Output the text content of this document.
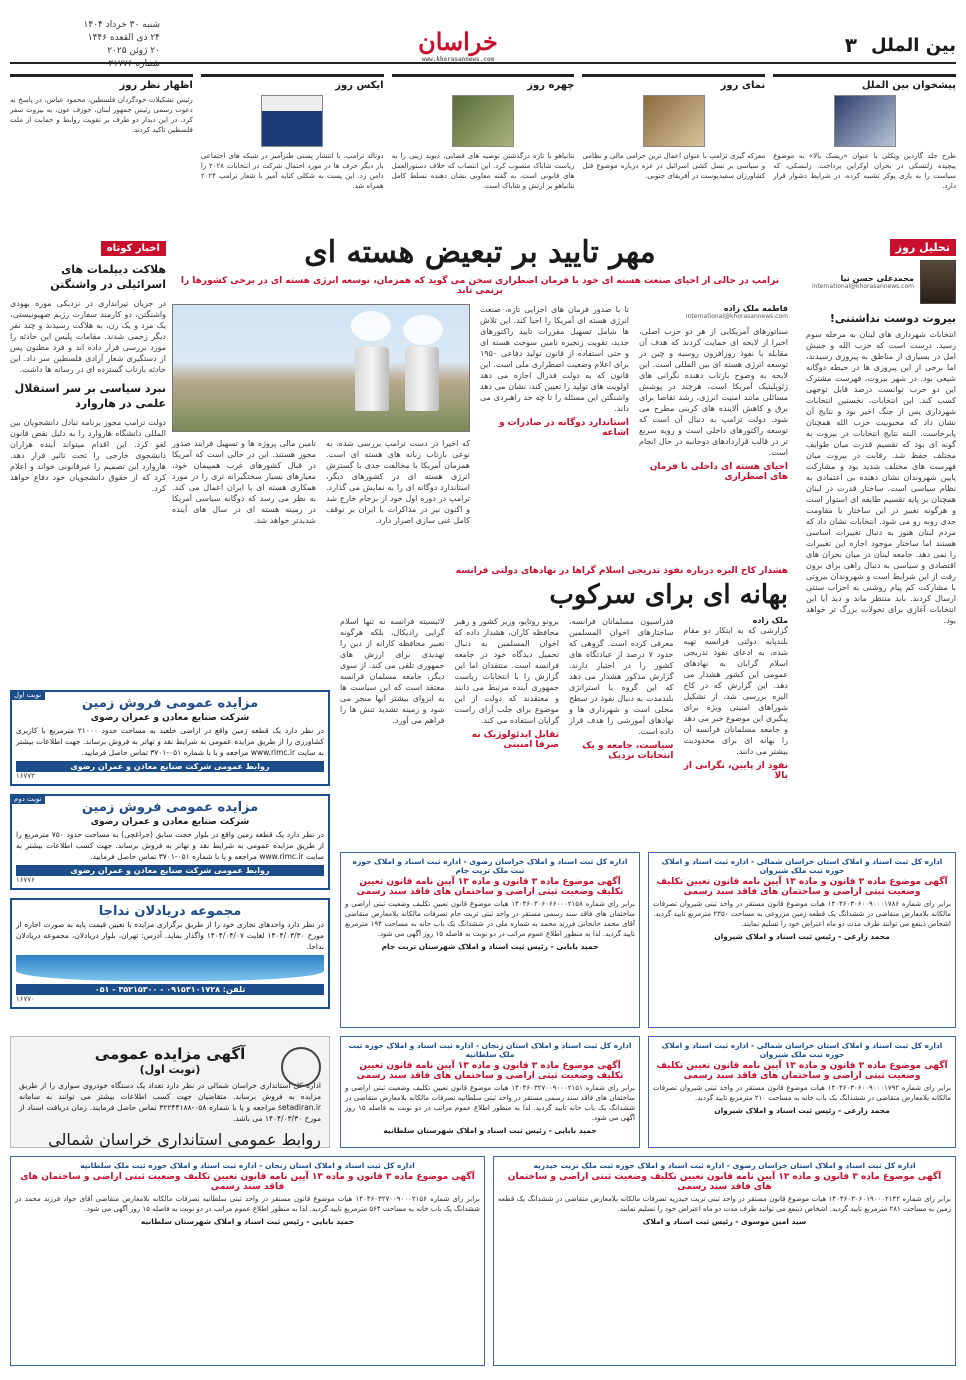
۳ بین الملل
خراسان
www.khorasannews.com
شنبه ۳۰ خرداد ۱۴۰۴
۲۴ ذی القعده ۱۴۴۶
۲۰ ژوئن ۲۰۲۵
شماره ۲۱۷۷۶
پیشخوان بین الملل
طرح جلد گاردین ویکلی با عنوان «ریسک بالا» به موضوع پیچیده زلنسکی در بحران اوکراین پرداخت. زلنسکی، که سیاست را به بازی پوکر تشبیه کرده، در شرایط دشوار قرار دارد.
نمای روز
معرکه گیری ترامپ با عنوان اعمال ترین حرامی مالی و نظامی و سیاسی بر نسل کشی اسرائیل در غزه درباره موضوع قتل کشاورزان سفیدپوست در آفریقای جنوبی.
چهره روز
نتانیاهو با تازه درگذشتن توصیه های قضایی، دیوید زینی را به ریاست شاباک منصوب کرد. این انتصاب که خلاف دستورالعمل های قانونی است، به گفته معاونی نشان دهنده تسلط کامل نتانیاهو بر ارتش و شاباک است.
ایکس روز
دونالد ترامپ، با انتشار پستی طنزآمیز در شبکه های اجتماعی بار دیگر حرف ها در مورد احتمال شرکت در انتخابات ۲۰۲۸ را دامن زد. این پست به شکلی کنایه آمیز با شعار ترامپ ۲۰۲۴ همراه شد.
اظهار نظر روز
رئیس تشکیلات خودگردان فلسطین، محمود عباس، در پاسخ به دعوت رسمی رئیس جمهور لبنان، جوزف عون، به بیروت سفر کرد. در این دیدار دو طرف بر تقویت روابط و حمایت از ملت فلسطین تاکید کردند.
تحلیل روز
محمدعلی حسن نیا
international@khorasannews.com
بیروت دوست نداشتنی!
انتخابات شهرداری های لبنان به مرحله سوم رسید. درست است که حزب الله و جنبش امل در بسیاری از مناطق به پیروزی رسیدند، اما برخی از این پیروزی ها در حیطه دوگانه شیعی بود. در شهر بیروت، فهرست مشترک این دو حزب توانست درصد قابل توجهی کسب کند. این انتخابات، نخستین انتخابات شهرداری پس از جنگ اخیر بود و نتایج آن نشان داد که محبوبیت حزب الله همچنان پابرجاست. البته نتایج انتخابات در بیروت به گونه ای بود که تقسیم قدرت میان طوایف مختلف حفظ شد. رقابت در بیروت میان فهرست های مختلف شدید بود و مشارکت پایین شهروندان نشان دهنده بی اعتمادی به نظام سیاسی است. ساختار قدرت در لبنان همچنان بر پایه تقسیم طایفه ای استوار است و هرگونه تغییر در این ساختار با مقاومت جدی روبه رو می شود. انتخابات نشان داد که مردم لبنان هنوز به دنبال تغییرات اساسی هستند اما ساختار موجود اجازه این تغییرات را نمی دهد. جامعه لبنان در میان بحران های اقتصادی و سیاسی به دنبال راهی برای برون رفت از این شرایط است و شهروندان بیروتی با مشارکت کم پیام روشنی به احزاب سنتی ارسال کردند. باید منتظر ماند و دید آیا این انتخابات آغازی برای تحولات بزرگ تر خواهد بود.
مهر تایید بر تبعیض هسته ای
ترامپ در حالی از احیای صنعت هسته ای خود با فرمان اضطراری سخن می گوید که همزمان، توسعه انرژی هسته ای در برخی کشورها را برنمی تابد
اخبار کوتاه
هلاکت دیپلمات های اسرائیلی در واشنگتن
در جریان تیراندازی در نزدیکی موزه یهودی واشنگتن، دو کارمند سفارت رژیم صهیونیستی، یک مرد و یک زن، به هلاکت رسیدند و چند نفر دیگر زخمی شدند. مقامات پلیس این حادثه را مورد بررسی قرار داده اند و فرد مظنون پس از دستگیری شعار آزادی فلسطین سر داد. این حادثه بازتاب گسترده ای در رسانه ها داشت.
نبرد سیاسی بر سر استقلال علمی در هاروارد
دولت ترامپ مجوز برنامه تبادل دانشجویان بین المللی دانشگاه هاروارد را به دلیل نقض قانون لغو کرد. این اقدام میتواند آینده هزاران دانشجوی خارجی را تحت تاثیر قرار دهد. هاروارد این تصمیم را غیرقانونی خواند و اعلام کرد که از حقوق دانشجویان خود دفاع خواهد کرد.
فاطمه ملک زاده
international@khorasannews.com
سناتورهای آمریکایی از هر دو حزب اصلی، اخیرا از لایحه ای حمایت کردند که هدف آن مقابله با نفوذ روزافزون روسیه و چین در توسعه انرژی هسته ای بین المللی است. این لایحه به وضوح بازتاب دهنده نگرانی های ژئوپلیتیک آمریکا است، هرچند در پوشش مسائلی مانند امنیت انرژی، رشد تقاضا برای برق و کاهش آلاینده های کربنی مطرح می شود. دولت ترامپ به دنبال آن است که توسعه راکتورهای داخلی است و رویه سریع تر در قالب قراردادهای دوجانبه در حال انجام است.
احیای هسته ای داخلی با فرمان های اضطراری
تا با صدور فرمان های اجرایی تازه، صنعت انرژی هسته ای آمریکا را احیا کند. این تلاش ها شامل تسهیل مقررات تایید راکتورهای جدید، تقویت زنجیره تامین سوخت هسته ای و حتی استفاده از قانون تولید دفاعی ۱۹۵۰ برای اعلام وضعیت اضطراری ملی است. این قانون که به دولت فدرال اجازه می دهد اولویت های تولید را تعیین کند، نشان می دهد واشنگتن این مسئله را تا چه حد راهبردی می داند.
استاندارد دوگانه در صادرات و اشاعه
که اخیرا در دست ترامپ بررسی شده، به نوعی بازتاب زنانه های هسته ای است. همزمان آمریکا با مخالفت جدی با گسترش انرژی هسته ای در کشورهای دیگر، استاندارد دوگانه ای را به نمایش می گذارد. ترامپ در دوره اول خود از برجام خارج شد و اکنون نیز در مذاکرات با ایران بر توقف کامل غنی سازی اصرار دارد.
تامین مالی پروژه ها و تسهیل فرایند صدور مجوز هستند. این در حالی است که آمریکا در قبال کشورهای غرب همپیمان خود، معیارهای بسیار سختگیرانه تری را در مورد همکاری هسته ای با ایران اعمال می کند. به نظر می رسد که دوگانه سیاسی آمریکا در زمینه هسته ای در سال های آینده شدیدتر خواهد شد.
هشدار کاخ الیزه درباره نفوذ تدریجی اسلام گراها در نهادهای دولتی فرانسه
بهانه ای برای سرکوب
ملک زاده
گزارشی که به ابتکار دو مقام بلندپایه دولتی فرانسه تهیه شده، به ادعای نفوذ تدریجی اسلام گرایان به نهادهای عمومی این کشور هشدار می دهد. این گزارش که در کاخ الیزه بررسی شد، از تشکیل شوراهای امنیتی ویژه برای پیگیری این موضوع خبر می دهد و جامعه مسلمانان فرانسه آن را بهانه ای برای محدودیت بیشتر می دانند.
نفوذ از پایین، نگرانی از بالا
فدراسیون مسلمانان فرانسه، ساختارهای اخوان المسلمین معرفی کرده است. گروهی که حدود ۷ درصد از عبادتگاه های کشور را در اختیار دارند. گزارش مذکور هشدار می دهد که این گروه با استراتژی بلندمدت به دنبال نفوذ در سطح محلی است و شهرداری ها و نهادهای آموزشی را هدف قرار داده است.
سیاست، جامعه و یک انتخابات نزدیک
برونو روتایو، وزیر کشور و رهبر محافظه کاران، هشدار داده که اخوان المسلمین به دنبال تحمیل دیدگاه خود در جامعه فرانسه است. منتقدان اما این گزارش را با انتخابات ریاست جمهوری آینده مرتبط می دانند و معتقدند که دولت از این موضوع برای جلب آرای راست گرایان استفاده می کند.
تقابل ایدئولوژیک نه صرفا امنیتی
لائیسیته فرانسه نه تنها اسلام گرایی رادیکال، بلکه هرگونه تعبیر محافظه کارانه از دین را تهدیدی برای ارزش های جمهوری تلقی می کند. از سوی دیگر، جامعه مسلمان فرانسه معتقد است که این سیاست ها به انزوای بیشتر آنها منجر می شود و زمینه تشدید تنش ها را فراهم می آورد.
نوبت اول
مزایده عمومی فروش زمین
شرکت صنایع معادن و عمران رضوی
در نظر دارد یک قطعه زمین واقع در اراضی خلعبد به مساحت حدود ۲۱۰۰۰ مترمربع با کاربری کشاورزی را از طریق مزایده عمومی به شرایط نقد و تهاتر به فروش برساند. جهت اطلاعات بیشتر به سایت www.rimc.ir مراجعه و یا با شماره ۰۵۱-۳۷۰۱ تماس حاصل فرمایید.
روابط عمومی شرکت صنایع معادن و عمران رضوی
۱۶۷۷۳
نوبت دوم
مزایده عمومی فروش زمین
شرکت صنایع معادن و عمران رضوی
در نظر دارد یک قطعه زمین واقع در بلوار حجت سابق (جراغچی) به مساحت حدود ۷۵۰ مترمربع را از طریق مزایده عمومی به شرایط نقد و تهاتر به فروش برساند. جهت کسب اطلاعات بیشتر به سایت www.rimc.ir مراجعه و یا با شماره ۰۵۱-۳۷۰۱ تماس حاصل فرمایید.
روابط عمومی شرکت صنایع معادن و عمران رضوی
۱۶۷۷۶
مجموعه دریادلان نداجا
در نظر دارد واحدهای تجاری خود را از طریق برگزاری مزایده با تعیین قیمت پایه به صورت اجاره از مورخ ۱۴۰۴/۰۳/۳۰ لغایت ۱۴۰۴/۰۴/۰۷ واگذار نماید. آدرس: تهران، بلوار دریادلان، مجموعه دریادلان نداجا.
تلفن: ۰۹۱۵۳۱۰۱۷۲۸ - ۳۵۲۱۵۳۰۰ - ۰۵۱
۱۶۷۷۰
آگهی مزایده عمومی
(نوبت اول)
اداره کل استانداری خراسان شمالی در نظر دارد تعداد یک دستگاه خودروی سواری را از طریق مزایده به فروش برساند. متقاضیان جهت کسب اطلاعات بیشتر می توانند به سامانه setadiran.ir مراجعه و یا با شماره ۰۵۸-۳۲۲۴۴۱۸۸ تماس حاصل فرمایند. زمان دریافت اسناد از مورخ ۱۴۰۴/۰۳/۳۰ می باشد.
روابط عمومی استانداری خراسان شمالی
اداره کل ثبت اسناد و املاک خراسان رضوی - اداره ثبت اسناد و املاک حوزه ثبت ملک تربت جام
آگهی موضوع ماده ۳ قانون و ماده ۱۳ آیین نامه قانون تعیین تکلیف وضعیت ثبتی اراضی و ساختمان های فاقد سند رسمی
برابر رای شماره ۱۴۰۴۶۰۳۰۶۰۶۶۰۰۰۲۱۵۸ هیات موضوع قانون تعیین تکلیف وضعیت ثبتی اراضی و ساختمان های فاقد سند رسمی مستقر در واحد ثبتی تربت جام تصرفات مالکانه بلامعارض متقاضی آقای محمد خانجانی فرزند محمد به شماره ملی در ششدانگ یک باب خانه به مساحت ۱۹۴ مترمربع تایید گردید. لذا به منظور اطلاع عموم مراتب در دو نوبت به فاصله ۱۵ روز آگهی می شود.
حمید بابایی - رئیس ثبت اسناد و املاک شهرستان تربت جام
اداره کل ثبت اسناد و املاک استان خراسان شمالی - اداره ثبت اسناد و املاک حوزه ثبت ملک شیروان
آگهی موضوع ماده ۳ قانون و ماده ۱۳ آیین نامه قانون تعیین تکلیف وضعیت ثبتی اراضی و ساختمان های فاقد سند رسمی
برابر رای شماره ۱۴۰۴۶۰۳۰۶۰۰۹۰۰۰۱۷۸۶ هیات موضوع قانون مستقر در واحد ثبتی شیروان تصرفات مالکانه بلامعارض متقاضی در ششدانگ یک قطعه زمین مزروعی به مساحت ۲۳۵۰ مترمربع تایید گردید. اشخاص ذینفع می توانند ظرف مدت دو ماه اعتراض خود را تسلیم نمایند.
محمد زارعی - رئیس ثبت اسناد و املاک شیروان
اداره کل ثبت اسناد و املاک استان زنجان - اداره ثبت اسناد و املاک حوزه ثبت ملک سلطانیه
آگهی موضوع ماده ۳ قانون و ماده ۱۳ آیین نامه قانون تعیین تکلیف وضعیت ثبتی اراضی و ساختمان های فاقد سند رسمی
برابر رای شماره ۱۴۰۴۶۰۳۲۷۰۰۹۰۰۰۲۱۵۱ هیات موضوع قانون تعیین تکلیف وضعیت ثبتی اراضی و ساختمان های فاقد سند رسمی مستقر در واحد ثبتی سلطانیه تصرفات مالکانه بلامعارض متقاضی در ششدانگ یک باب خانه تایید گردید. لذا به منظور اطلاع عموم مراتب در دو نوبت به فاصله ۱۵ روز آگهی می شود.
حمید بابایی - رئیس ثبت اسناد و املاک شهرستان سلطانیه
اداره کل ثبت اسناد و املاک استان خراسان شمالی - اداره ثبت اسناد و املاک حوزه ثبت ملک شیروان
آگهی موضوع ماده ۳ قانون و ماده ۱۳ آیین نامه قانون تعیین تکلیف وضعیت ثبتی اراضی و ساختمان های فاقد سند رسمی
برابر رای شماره ۱۴۰۴۶۰۳۰۶۰۰۹۰۰۰۱۷۹۲ هیات موضوع قانون مستقر در واحد ثبتی شیروان تصرفات مالکانه بلامعارض متقاضی در ششدانگ یک باب خانه به مساحت ۲۱۰ مترمربع تایید گردید.
محمد زارعی - رئیس ثبت اسناد و املاک شیروان
اداره کل ثبت اسناد و املاک استان زنجان - اداره ثبت اسناد و املاک حوزه ثبت ملک سلطانیه
آگهی موضوع ماده ۳ قانون و ماده ۱۳ آیین نامه قانون تعیین تکلیف وضعیت ثبتی اراضی و ساختمان های فاقد سند رسمی
برابر رای شماره ۱۴۰۴۶۰۳۲۷۰۰۹۰۰۰۲۱۵۶ هیات موضوع قانون مستقر در واحد ثبتی سلطانیه تصرفات مالکانه بلامعارض متقاضی آقای جواد فرزند محمد در ششدانگ یک باب خانه به مساحت ۵۶۴ مترمربع تایید گردید. لذا به منظور اطلاع عموم مراتب در دو نوبت به فاصله ۱۵ روز آگهی می شود.
حمید بابایی - رئیس ثبت اسناد و املاک شهرستان سلطانیه
اداره کل ثبت اسناد و املاک استان خراسان رضوی - اداره ثبت اسناد و املاک حوزه ثبت ملک تربت حیدریه
آگهی موضوع ماده ۳ قانون و ماده ۱۳ آیین نامه قانون تعیین تکلیف وضعیت ثبتی اراضی و ساختمان های فاقد سند رسمی
برابر رای شماره ۱۴۰۴۶۰۳۰۶۰۱۹۰۰۰۲۱۴۲ هیات موضوع قانون مستقر در واحد ثبتی تربت حیدریه تصرفات مالکانه بلامعارض متقاضی در ششدانگ یک قطعه زمین به مساحت ۲۸۱ مترمربع تایید گردید. اشخاص ذینفع می توانند ظرف مدت دو ماه اعتراض خود را تسلیم نمایند.
سید امین موسوی - رئیس ثبت اسناد و املاک
